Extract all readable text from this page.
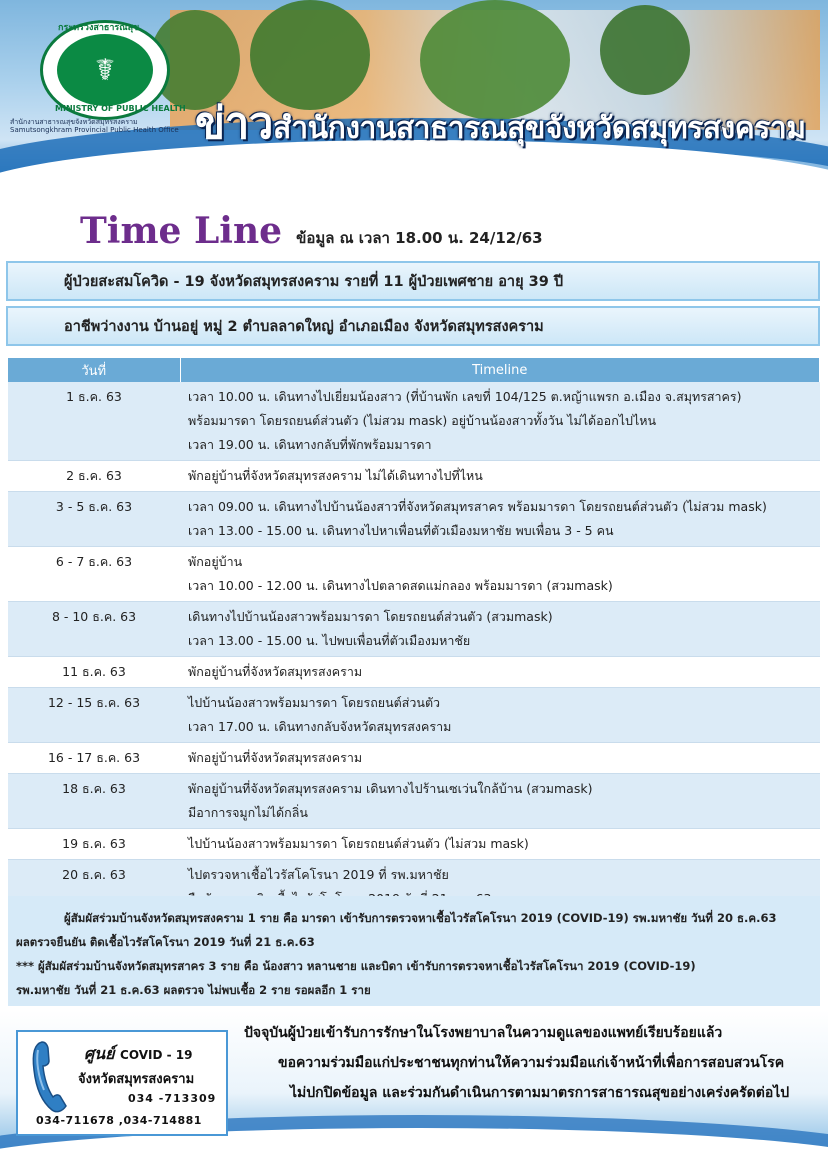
☤
กระทรวงสาธารณสุข
MINISTRY OF PUBLIC HEALTH
สำนักงานสาธารณสุขจังหวัดสมุทรสงคราม
Samutsongkhram Provincial Public Health Office ข่าวสำนักงานสาธารณสุขจังหวัดสมุทรสงคราม
Time Line ข้อมูล ณ เวลา 18.00 น. 24/12/63
ผู้ป่วยสะสมโควิด - 19 จังหวัดสมุทรสงคราม รายที่ 11 ผู้ป่วยเพศชาย อายุ 39 ปี
อาชีพว่างงาน บ้านอยู่ หมู่ 2 ตำบลลาดใหญ่ อำเภอเมือง จังหวัดสมุทรสงคราม
วันที่	Timeline
1 ธ.ค. 63	เวลา 10.00 น. เดินทางไปเยี่ยมน้องสาว (ที่บ้านพัก เลขที่ 104/125 ต.หญ้าแพรก อ.เมือง จ.สมุทรสาคร)
พร้อมมารดา โดยรถยนต์ส่วนตัว (ไม่สวม mask) อยู่บ้านน้องสาวทั้งวัน ไม่ได้ออกไปไหน
เวลา 19.00 น. เดินทางกลับที่พักพร้อมมารดา

2 ธ.ค. 63	พักอยู่บ้านที่จังหวัดสมุทรสงคราม ไม่ได้เดินทางไปที่ไหน

3 - 5 ธ.ค. 63	เวลา 09.00 น. เดินทางไปบ้านน้องสาวที่จังหวัดสมุทรสาคร พร้อมมารดา โดยรถยนต์ส่วนตัว (ไม่สวม mask)
เวลา 13.00 - 15.00 น. เดินทางไปหาเพื่อนที่ตัวเมืองมหาชัย พบเพื่อน 3 - 5 คน

6 - 7 ธ.ค. 63	พักอยู่บ้าน
เวลา 10.00 - 12.00 น. เดินทางไปตลาดสดแม่กลอง พร้อมมารดา (สวมmask)

8 - 10 ธ.ค. 63	เดินทางไปบ้านน้องสาวพร้อมมารดา โดยรถยนต์ส่วนตัว (สวมmask)
เวลา 13.00 - 15.00 น. ไปพบเพื่อนที่ตัวเมืองมหาชัย

11 ธ.ค. 63	พักอยู่บ้านที่จังหวัดสมุทรสงคราม

12 - 15 ธ.ค. 63	ไปบ้านน้องสาวพร้อมมารดา โดยรถยนต์ส่วนตัว
เวลา 17.00 น. เดินทางกลับจังหวัดสมุทรสงคราม

16 - 17 ธ.ค. 63	พักอยู่บ้านที่จังหวัดสมุทรสงคราม

18 ธ.ค. 63	พักอยู่บ้านที่จังหวัดสมุทรสงคราม เดินทางไปร้านเซเว่นใกล้บ้าน (สวมmask)
มีอาการจมูกไม่ได้กลิ่น

19 ธ.ค. 63	ไปบ้านน้องสาวพร้อมมารดา โดยรถยนต์ส่วนตัว (ไม่สวม mask)

20 ธ.ค. 63	ไปตรวจหาเชื้อไวรัสโคโรนา 2019 ที่ รพ.มหาชัย

ผู้สัมผัสร่วมบ้านจังหวัดสมุทรสงคราม 1 ราย คือ มารดา เข้ารับการตรวจหาเชื้อไวรัสโคโรนา 2019 (COVID-19) รพ.มหาชัย วันที่ 20 ธ.ค.63
ผลตรวจยืนยัน ติดเชื้อไวรัสโคโรนา 2019 วันที่ 21 ธ.ค.63
*** ผู้สัมผัสร่วมบ้านจังหวัดสมุทรสาคร 3 ราย คือ น้องสาว หลานชาย และบิดา เข้ารับการตรวจหาเชื้อไวรัสโคโรนา 2019 (COVID-19)
รพ.มหาชัย วันที่ 21 ธ.ค.63 ผลตรวจ ไม่พบเชื้อ 2 ราย รอผลอีก 1 ราย
ศูนย์ COVID - 19
จังหวัดสมุทรสงคราม
034 -713309
034-711678 ,034-714881
ปัจจุบันผู้ป่วยเข้ารับการรักษาในโรงพยาบาลในความดูแลของแพทย์เรียบร้อยแล้ว
ขอความร่วมมือแก่ประชาชนทุกท่านให้ความร่วมมือแก่เจ้าหน้าที่เพื่อการสอบสวนโรค
ไม่ปกปิดข้อมูล และร่วมกันดำเนินการตามมาตรการสาธารณสุขอย่างเคร่งครัดต่อไป
